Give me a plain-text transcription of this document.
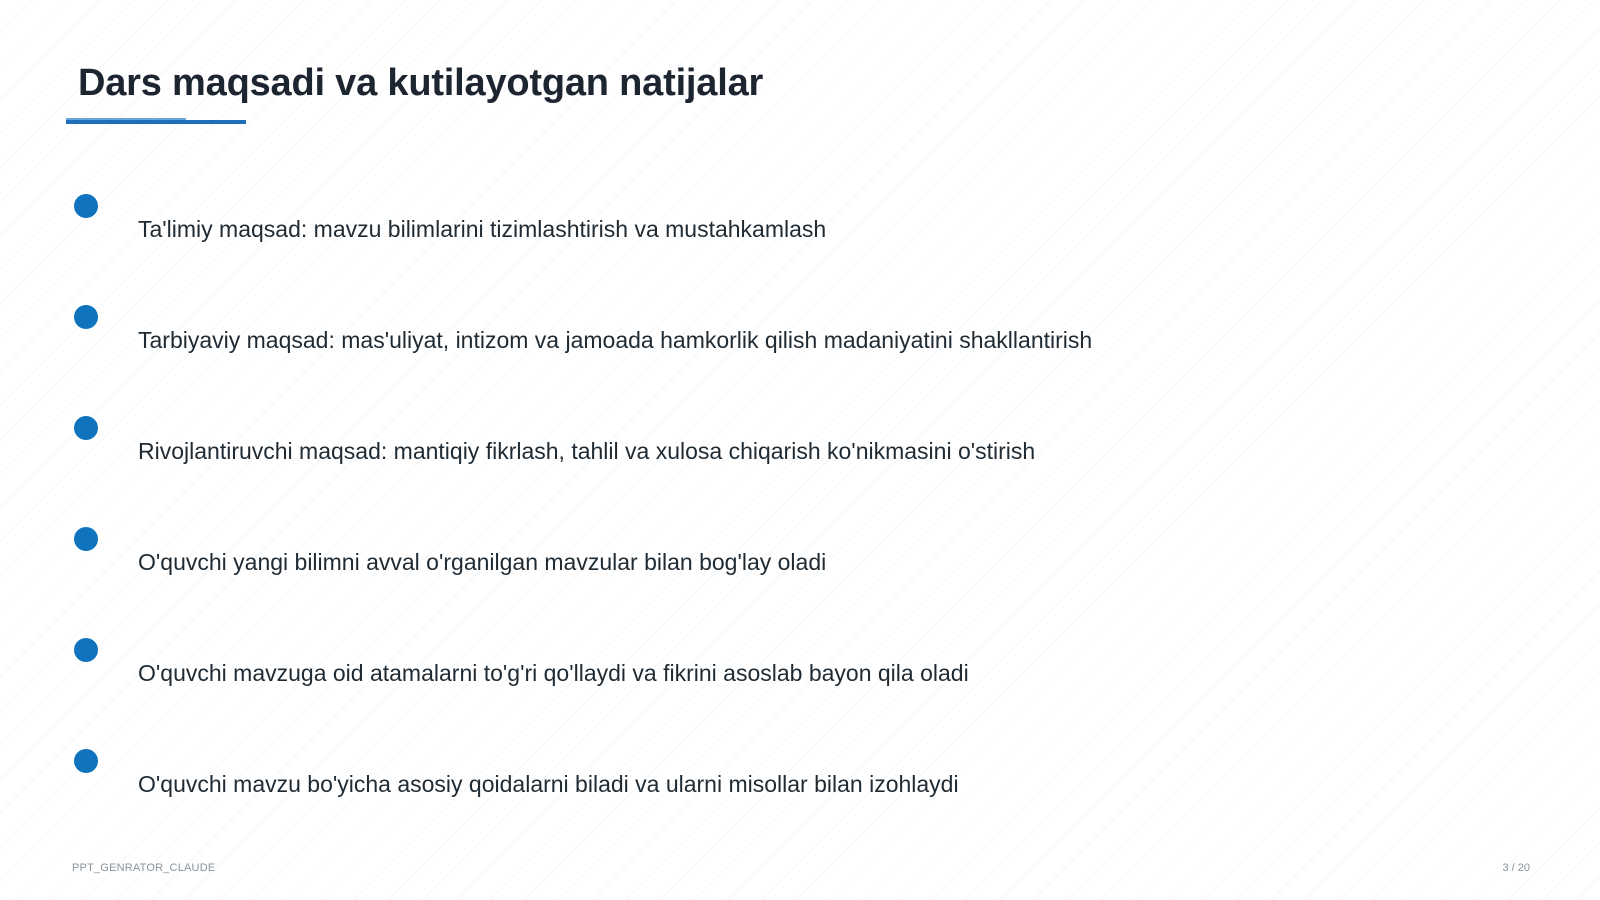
Dars maqsadi va kutilayotgan natijalar
Ta'limiy maqsad: mavzu bilimlarini tizimlashtirish va mustahkamlash
Tarbiyaviy maqsad: mas'uliyat, intizom va jamoada hamkorlik qilish madaniyatini shakllantirish
Rivojlantiruvchi maqsad: mantiqiy fikrlash, tahlil va xulosa chiqarish ko'nikmasini o'stirish
O'quvchi yangi bilimni avval o'rganilgan mavzular bilan bog'lay oladi
O'quvchi mavzuga oid atamalarni to'g'ri qo'llaydi va fikrini asoslab bayon qila oladi
O'quvchi mavzu bo'yicha asosiy qoidalarni biladi va ularni misollar bilan izohlaydi
PPT_GENRATOR_CLAUDE	3 / 20
